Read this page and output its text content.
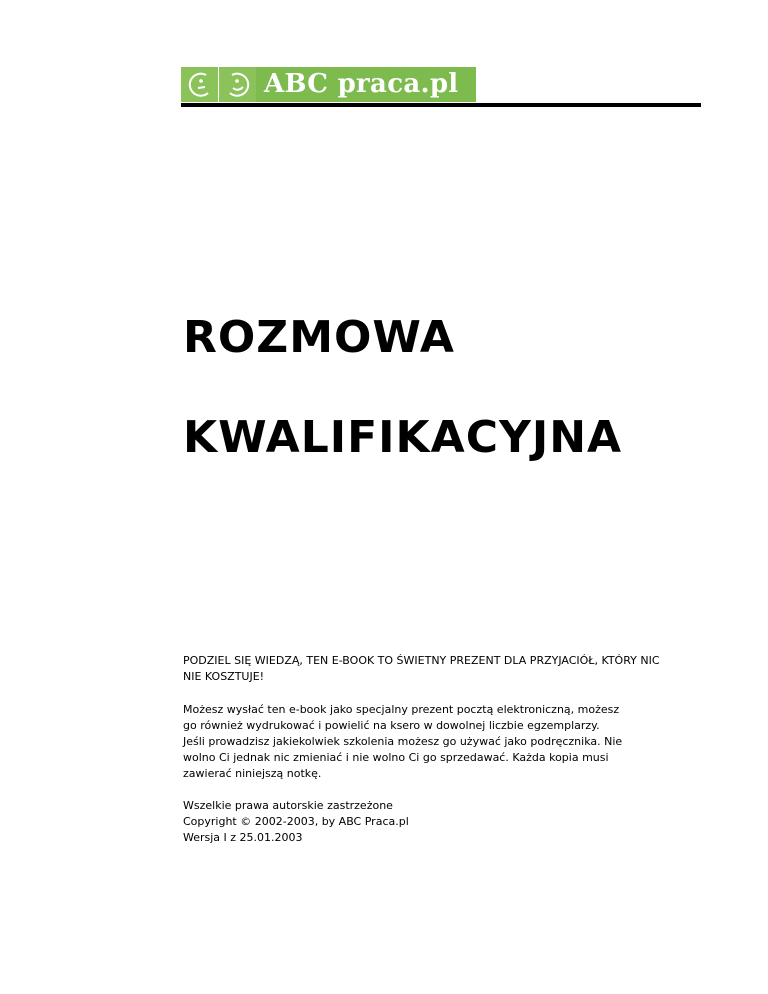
ABC praca.pl
ROZMOWA
KWALIFIKACYJNA

PODZIEL SIĘ WIEDZĄ, TEN E-BOOK TO ŚWIETNY PREZENT DLA PRZYJACIÓŁ, KTÓRY NIC
NIE KOSZTUJE!

Możesz wysłać ten e-book jako specjalny prezent pocztą elektroniczną, możesz
go również wydrukować i powielić na ksero w dowolnej liczbie egzemplarzy.
Jeśli prowadzisz jakiekolwiek szkolenia możesz go używać jako podręcznika. Nie
wolno Ci jednak nic zmieniać i nie wolno Ci go sprzedawać. Każda kopia musi
zawierać niniejszą notkę.

Wszelkie prawa autorskie zastrzeżone
Copyright © 2002-2003, by ABC Praca.pl
Wersja I z 25.01.2003
